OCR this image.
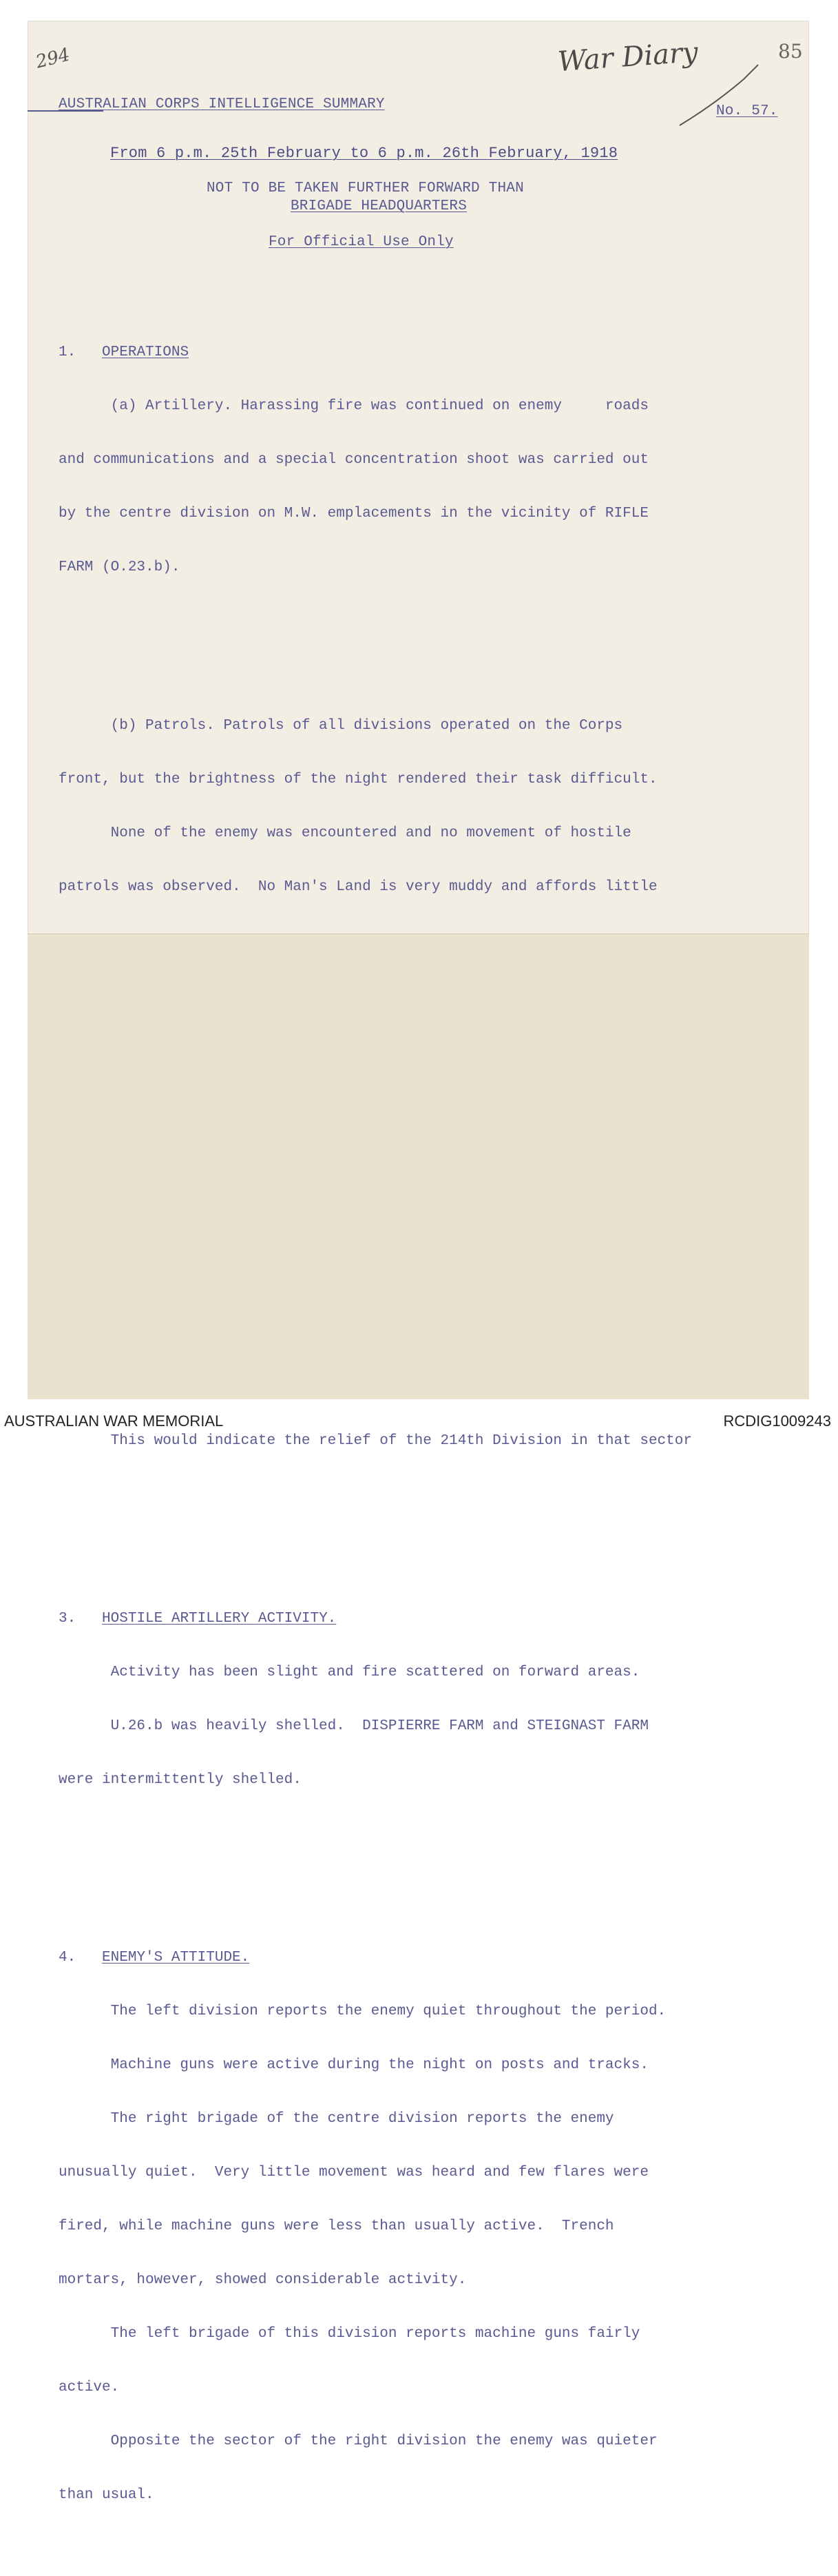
294	War Diary	85
AUSTRALIAN CORPS INTELLIGENCE SUMMARY	No. 57.
From 6 p.m. 25th February to 6 p.m. 26th February, 1918
NOT TO BE TAKEN FURTHER FORWARD THAN
BRIGADE HEADQUARTERS
For Official Use Only

1. OPERATIONS

(a) Artillery. Harassing fire was continued on enemy     roads

and communications and a special concentration shoot was carried out

by the centre division on M.W. emplacements in the vicinity of RIFLE

FARM (O.23.b).

(b) Patrols. Patrols of all divisions operated on the Corps

front, but the brightness of the night rendered their task difficult.

None of the enemy was encountered and no movement of hostile

patrols was observed.  No Man's Land is very muddy and affords little

This would indicate the relief of the 214th Division in that sector

3. HOSTILE ARTILLERY ACTIVITY.

Activity has been slight and fire scattered on forward areas.

U.26.b was heavily shelled.  DISPIERRE FARM and STEIGNAST FARM

were intermittently shelled.

4. ENEMY'S ATTITUDE.

The left division reports the enemy quiet throughout the period.

Machine guns were active during the night on posts and tracks.

The right brigade of the centre division reports the enemy

unusually quiet.  Very little movement was heard and few flares were

fired, while machine guns were less than usually active.  Trench

mortars, however, showed considerable activity.

The left brigade of this division reports machine guns fairly

active.

Opposite the sector of the right division the enemy was quieter

than usual.

AUSTRALIAN WAR MEMORIAL	RCDIG1009243
